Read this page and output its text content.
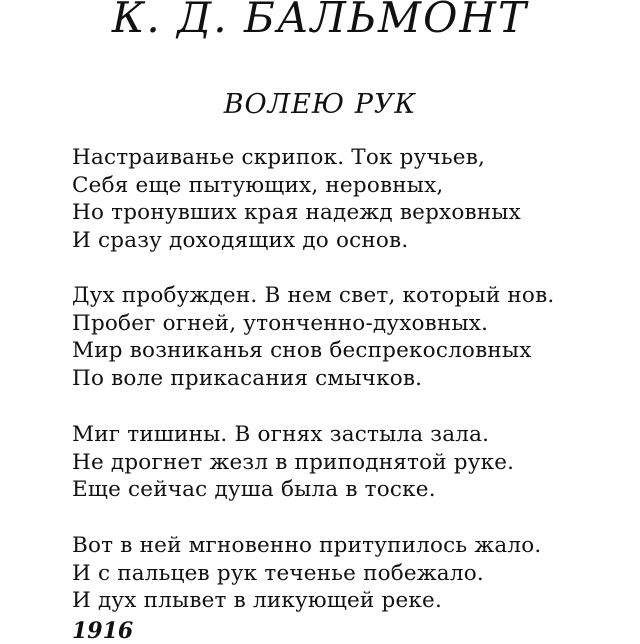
К. Д. БАЛЬМОНТ
ВОЛЕЮ РУК
Настраиванье скрипок. Ток ручьев,
Себя еще пытующих, неровных,
Но тронувших края надежд верховных
И сразу доходящих до основ.
Дух пробужден. В нем свет, который нов.
Пробег огней, утонченно-духовных.
Мир возниканья снов беспрекословных
По воле прикасания смычков.
Миг тишины. В огнях застыла зала.
Не дрогнет жезл в приподнятой руке.
Еще сейчас душа была в тоске.
Вот в ней мгновенно притупилось жало.
И с пальцев рук теченье побежало.
И дух плывет в ликующей реке.
1916
